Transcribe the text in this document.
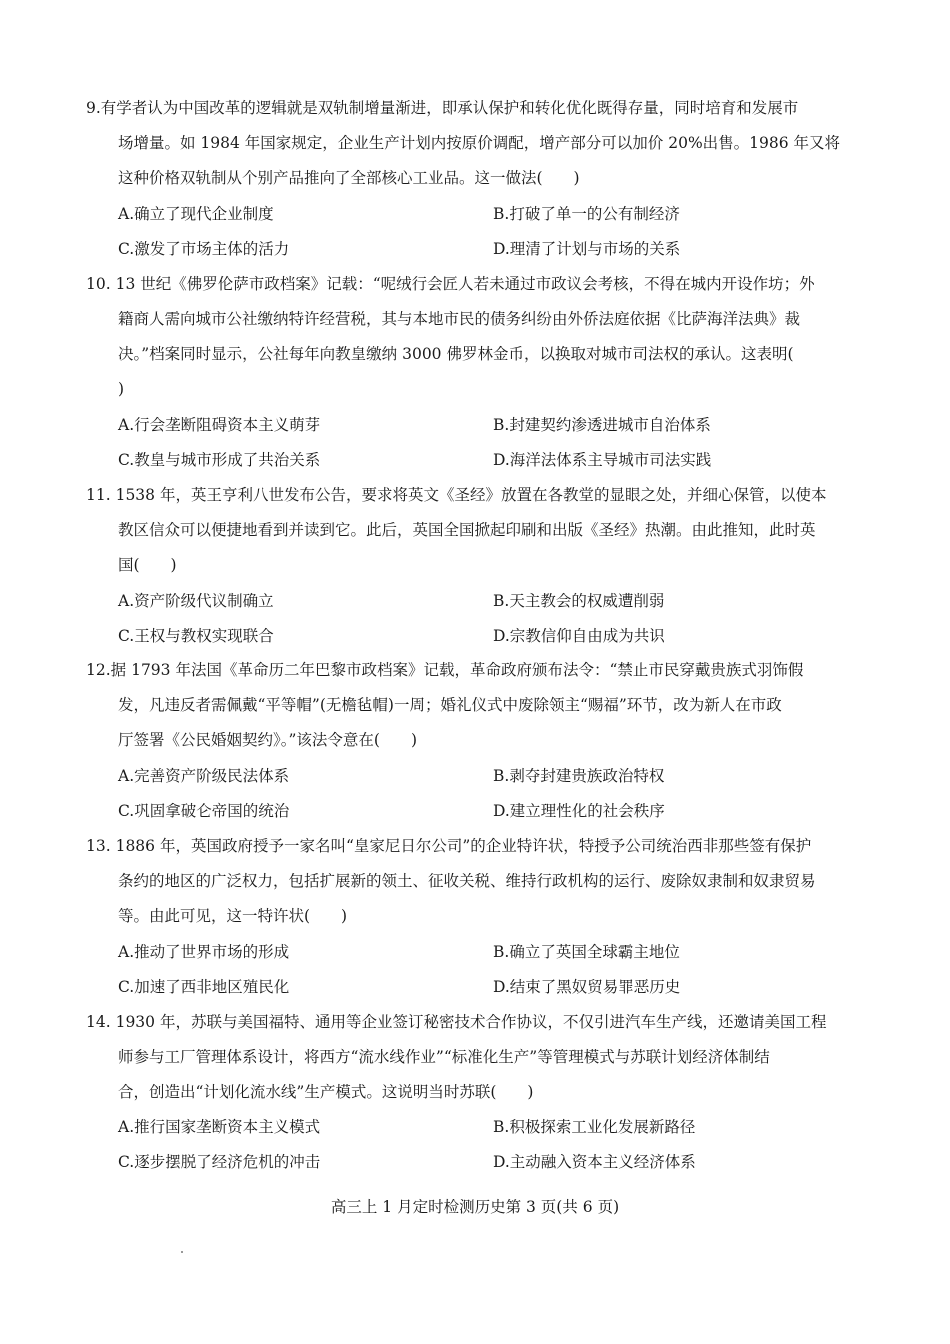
9.有学者认为中国改革的逻辑就是双轨制增量渐进，即承认保护和转化优化既得存量，同时培育和发展市
场增量。如 1984 年国家规定，企业生产计划内按原价调配，增产部分可以加价 20%出售。1986 年又将
这种价格双轨制从个别产品推向了全部核心工业品。这一做法(　　)
A.确立了现代企业制度	B.打破了单一的公有制经济
C.激发了市场主体的活力	D.理清了计划与市场的关系
10. 13 世纪《佛罗伦萨市政档案》记载：“呢绒行会匠人若未通过市政议会考核，不得在城内开设作坊；外
籍商人需向城市公社缴纳特许经营税，其与本地市民的债务纠纷由外侨法庭依据《比萨海洋法典》裁
决。”档案同时显示，公社每年向教皇缴纳 3000 佛罗林金币，以换取对城市司法权的承认。这表明(
)
A.行会垄断阻碍资本主义萌芽	B.封建契约渗透进城市自治体系
C.教皇与城市形成了共治关系	D.海洋法体系主导城市司法实践
11. 1538 年，英王亨利八世发布公告，要求将英文《圣经》放置在各教堂的显眼之处，并细心保管，以使本
教区信众可以便捷地看到并读到它。此后，英国全国掀起印刷和出版《圣经》热潮。由此推知，此时英
国(　　)
A.资产阶级代议制确立	B.天主教会的权威遭削弱
C.王权与教权实现联合	D.宗教信仰自由成为共识
12.据 1793 年法国《革命历二年巴黎市政档案》记载，革命政府颁布法令：“禁止市民穿戴贵族式羽饰假
发，凡违反者需佩戴“平等帽”(无檐毡帽)一周；婚礼仪式中废除领主“赐福”环节，改为新人在市政
厅签署《公民婚姻契约》。”该法令意在(　　)
A.完善资产阶级民法体系	B.剥夺封建贵族政治特权
C.巩固拿破仑帝国的统治	D.建立理性化的社会秩序
13. 1886 年，英国政府授予一家名叫“皇家尼日尔公司”的企业特许状，特授予公司统治西非那些签有保护
条约的地区的广泛权力，包括扩展新的领土、征收关税、维持行政机构的运行、废除奴隶制和奴隶贸易
等。由此可见，这一特许状(　　)
A.推动了世界市场的形成	B.确立了英国全球霸主地位
C.加速了西非地区殖民化	D.结束了黑奴贸易罪恶历史
14. 1930 年，苏联与美国福特、通用等企业签订秘密技术合作协议，不仅引进汽车生产线，还邀请美国工程
师参与工厂管理体系设计，将西方“流水线作业”“标准化生产”等管理模式与苏联计划经济体制结
合，创造出“计划化流水线”生产模式。这说明当时苏联(　　)
A.推行国家垄断资本主义模式	B.积极探索工业化发展新路径
C.逐步摆脱了经济危机的冲击	D.主动融入资本主义经济体系
高三上 1 月定时检测历史第 3 页(共 6 页)
